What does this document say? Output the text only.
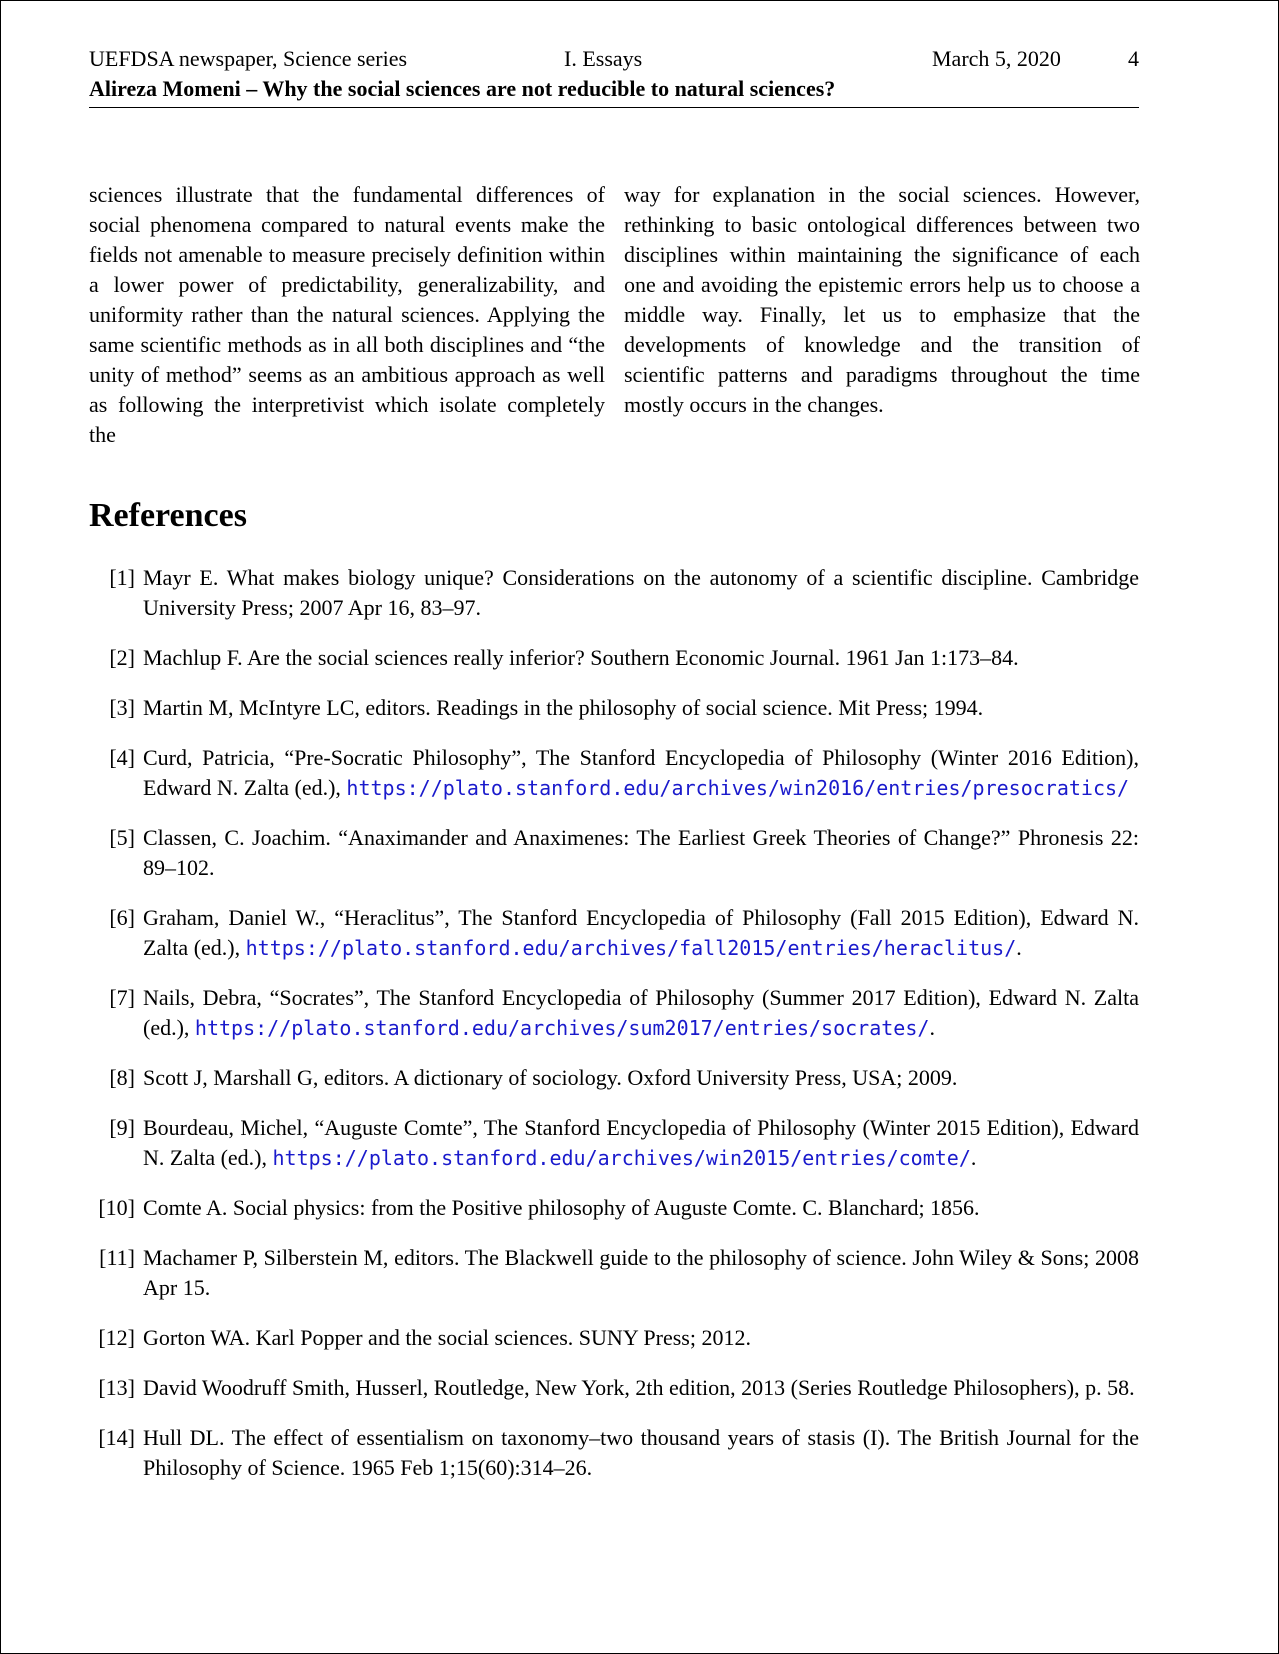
UEFDSA newspaper, Science series	I. Essays	March 5, 2020	4
Alireza Momeni – Why the social sciences are not reducible to natural sciences?
sciences illustrate that the fundamental differences of social phenomena compared to natural events make the fields not amenable to measure precisely definition within a lower power of predictability, generalizability, and uniformity rather than the natural sciences. Applying the same scientific methods as in all both disciplines and “the unity of method” seems as an ambitious approach as well as following the interpretivist which isolate completely the
way for explanation in the social sciences. However, rethinking to basic ontological differences between two disciplines within maintaining the significance of each one and avoiding the epistemic errors help us to choose a middle way. Finally, let us to emphasize that the developments of knowledge and the transition of scientific patterns and paradigms throughout the time mostly occurs in the changes.
References
[1] Mayr E. What makes biology unique? Considerations on the autonomy of a scientific discipline. Cambridge University Press; 2007 Apr 16, 83–97.
[2] Machlup F. Are the social sciences really inferior? Southern Economic Journal. 1961 Jan 1:173–84.
[3] Martin M, McIntyre LC, editors. Readings in the philosophy of social science. Mit Press; 1994.
[4] Curd, Patricia, “Pre-Socratic Philosophy”, The Stanford Encyclopedia of Philosophy (Winter 2016 Edition), Edward N. Zalta (ed.), https://plato.stanford.edu/archives/win2016/entries/presocratics/
[5] Classen, C. Joachim. “Anaximander and Anaximenes: The Earliest Greek Theories of Change?” Phronesis 22: 89–102.
[6] Graham, Daniel W., “Heraclitus”, The Stanford Encyclopedia of Philosophy (Fall 2015 Edition), Edward N. Zalta (ed.), https://plato.stanford.edu/archives/fall2015/entries/heraclitus/.
[7] Nails, Debra, “Socrates”, The Stanford Encyclopedia of Philosophy (Summer 2017 Edition), Edward N. Zalta (ed.), https://plato.stanford.edu/archives/sum2017/entries/socrates/.
[8] Scott J, Marshall G, editors. A dictionary of sociology. Oxford University Press, USA; 2009.
[9] Bourdeau, Michel, “Auguste Comte”, The Stanford Encyclopedia of Philosophy (Winter 2015 Edition), Edward N. Zalta (ed.), https://plato.stanford.edu/archives/win2015/entries/comte/.
[10] Comte A. Social physics: from the Positive philosophy of Auguste Comte. C. Blanchard; 1856.
[11] Machamer P, Silberstein M, editors. The Blackwell guide to the philosophy of science. John Wiley & Sons; 2008 Apr 15.
[12] Gorton WA. Karl Popper and the social sciences. SUNY Press; 2012.
[13] David Woodruff Smith, Husserl, Routledge, New York, 2th edition, 2013 (Series Routledge Philosophers), p. 58.
[14] Hull DL. The effect of essentialism on taxonomy–two thousand years of stasis (I). The British Journal for the Philosophy of Science. 1965 Feb 1;15(60):314–26.
